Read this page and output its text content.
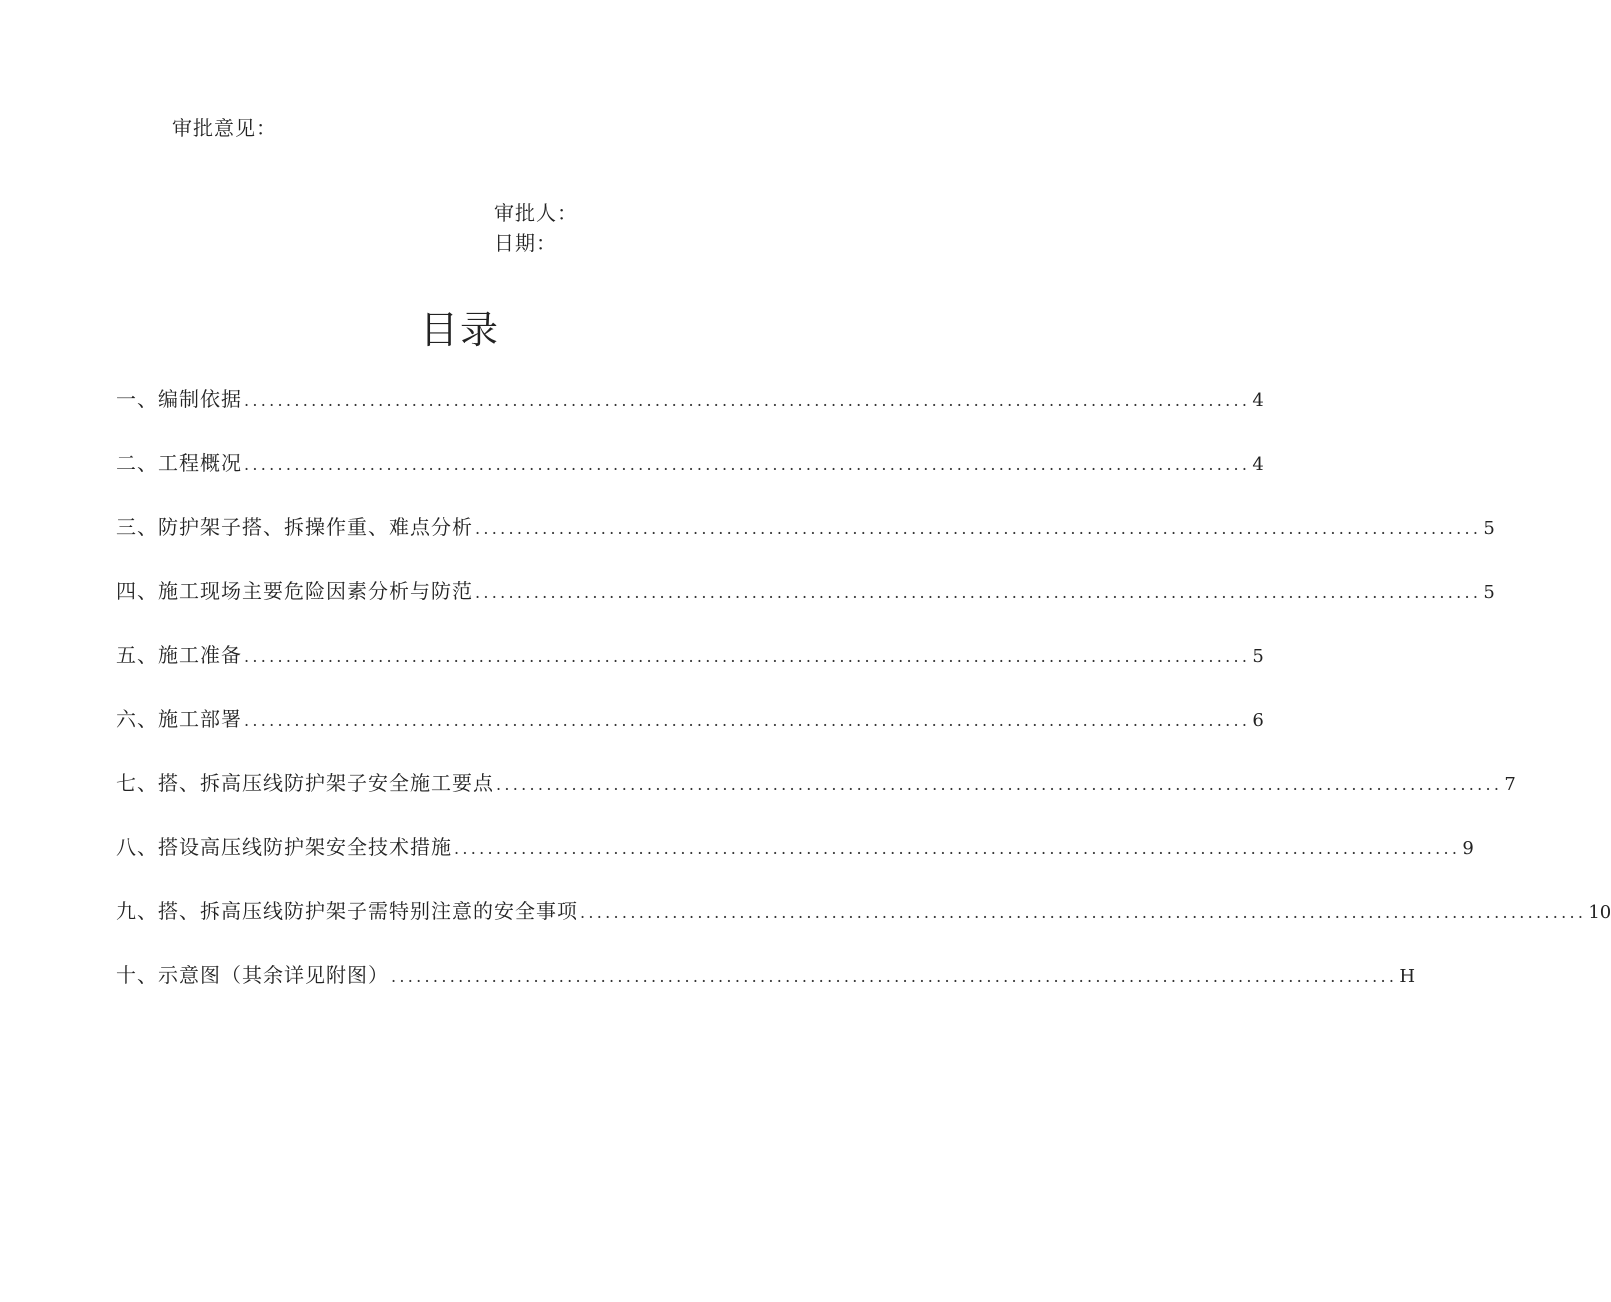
审批意见：
审批人：
日期：
目录
一、 编制依据 ........................................................................................................................ 4
二、 工程概况 ........................................................................................................................ 4
三、 防护架子搭、拆操作重、难点分析 ........................................................................................................................ 5
四、 施工现场主要危险因素分析与防范 ........................................................................................................................ 5
五、 施工准备 ........................................................................................................................ 5
六、 施工部署 ........................................................................................................................ 6
七、 搭、拆高压线防护架子安全施工要点 ........................................................................................................................ 7
八、 搭设高压线防护架安全技术措施 ........................................................................................................................ 9
九、 搭、拆高压线防护架子需特别注意的安全事项 ........................................................................................................................ 10
十、 示意图（其余详见附图） ........................................................................................................................ H
